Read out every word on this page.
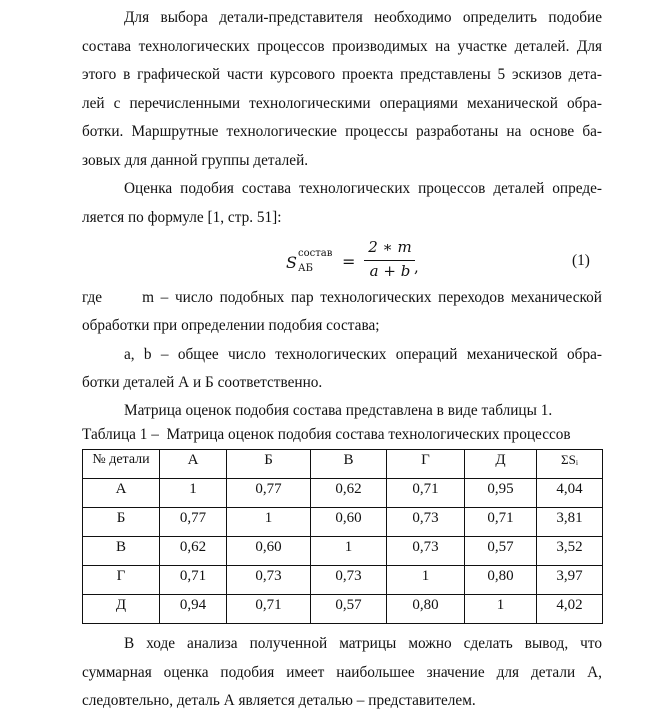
Для выбора детали-представителя необходимо определить подобие
состава технологических процессов производимых на участке деталей. Для
этого в графической части курсового проекта представлены 5 эскизов дета-
лей с перечисленными технологическими операциями механической обра-
ботки. Маршрутные технологические процессы разработаны на основе ба-
зовых для данной группы деталей.
Оценка подобия состава технологических процессов деталей опреде-
ляется по формуле [1, стр. 51]:
S состав
АБ =
2 ∗ m
a + b ,	(1)
где      m – число подобных пар технологических переходов механической
обработки при определении подобия состава;
a, b – общее число технологических операций механической обра-
ботки деталей А и Б соответственно.
Матрица оценок подобия состава представлена в виде таблицы 1.
Таблица 1 –  Матрица оценок подобия состава технологических процессов
№ детали	А	Б	В	Г	Д	ΣSᵢ
А	1	0,77	0,62	0,71	0,95	4,04
Б	0,77	1	0,60	0,73	0,71	3,81
В	0,62	0,60	1	0,73	0,57	3,52
Г	0,71	0,73	0,73	1	0,80	3,97
Д	0,94	0,71	0,57	0,80	1	4,02
В ходе анализа полученной матрицы можно сделать вывод, что
суммарная оценка подобия имеет наибольшее значение для детали А,
следовтельно, деталь А является деталью – представителем.
